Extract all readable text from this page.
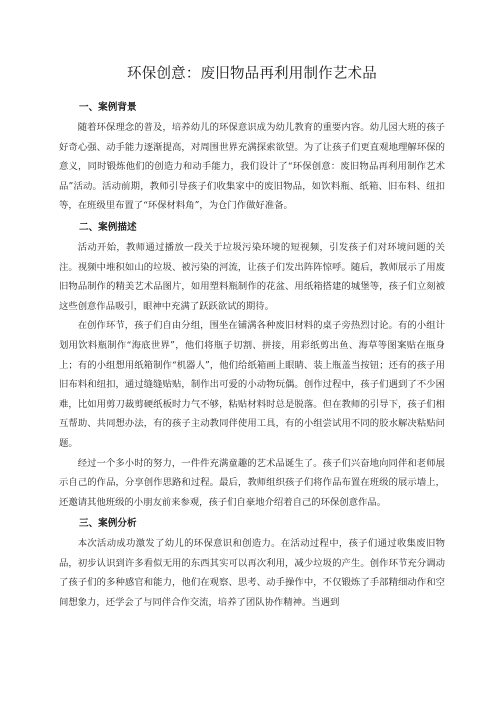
环保创意：废旧物品再利用制作艺术品
一、案例背景

随着环保理念的普及，培养幼儿的环保意识成为幼儿教育的重要内容。幼儿园大班的孩子好奇心强、动手能力逐渐提高，对周围世界充满探索欲望。为了让孩子们更直观地理解环保的意义，同时锻炼他们的创造力和动手能力，我们设计了“环保创意：废旧物品再利用制作艺术品”活动。活动前期，教师引导孩子们收集家中的废旧物品，如饮料瓶、纸箱、旧布料、纽扣等，在班级里布置了“环保材料角”，为仓门作做好准备。

二、案例描述

活动开始，教师通过播放一段关于垃圾污染环境的短视频，引发孩子们对环境问题的关注。视频中堆积如山的垃圾、被污染的河流，让孩子们发出阵阵惊呼。随后，教师展示了用废旧物品制作的精美艺术品图片，如用塑料瓶制作的花盆、用纸箱搭建的城堡等，孩子们立刻被这些创意作品吸引，眼神中充满了跃跃欲试的期待。

在创作环节，孩子们自由分组，围坐在铺满各种废旧材料的桌子旁热烈讨论。有的小组计划用饮料瓶制作“海底世界”，他们将瓶子切割、拼接，用彩纸剪出鱼、海草等图案贴在瓶身上；有的小组想用纸箱制作“机器人”，他们给纸箱画上眼睛、装上瓶盖当按钮；还有的孩子用旧布料和纽扣，通过缝缝贴贴，制作出可爱的小动物玩偶。创作过程中，孩子们遇到了不少困难，比如用剪刀裁剪硬纸板时力气不够，粘贴材料时总是脱落。但在教师的引导下，孩子们相互帮助、共同想办法，有的孩子主动教同伴使用工具，有的小组尝试用不同的胶水解决粘贴问题。

经过一个多小时的努力，一件件充满童趣的艺术品诞生了。孩子们兴奋地向同伴和老师展示自己的作品，分享创作思路和过程。最后，教师组织孩子们将作品布置在班级的展示墙上，还邀请其他班级的小朋友前来参观，孩子们自豪地介绍着自己的环保创意作品。

三、案例分析

本次活动成功激发了幼儿的环保意识和创造力。在活动过程中，孩子们通过收集废旧物品，初步认识到许多看似无用的东西其实可以再次利用，减少垃圾的产生。创作环节充分调动了孩子们的多种感官和能力，他们在观察、思考、动手操作中，不仅锻炼了手部精细动作和空间想象力，还学会了与同伴合作交流，培养了团队协作精神。当遇到
